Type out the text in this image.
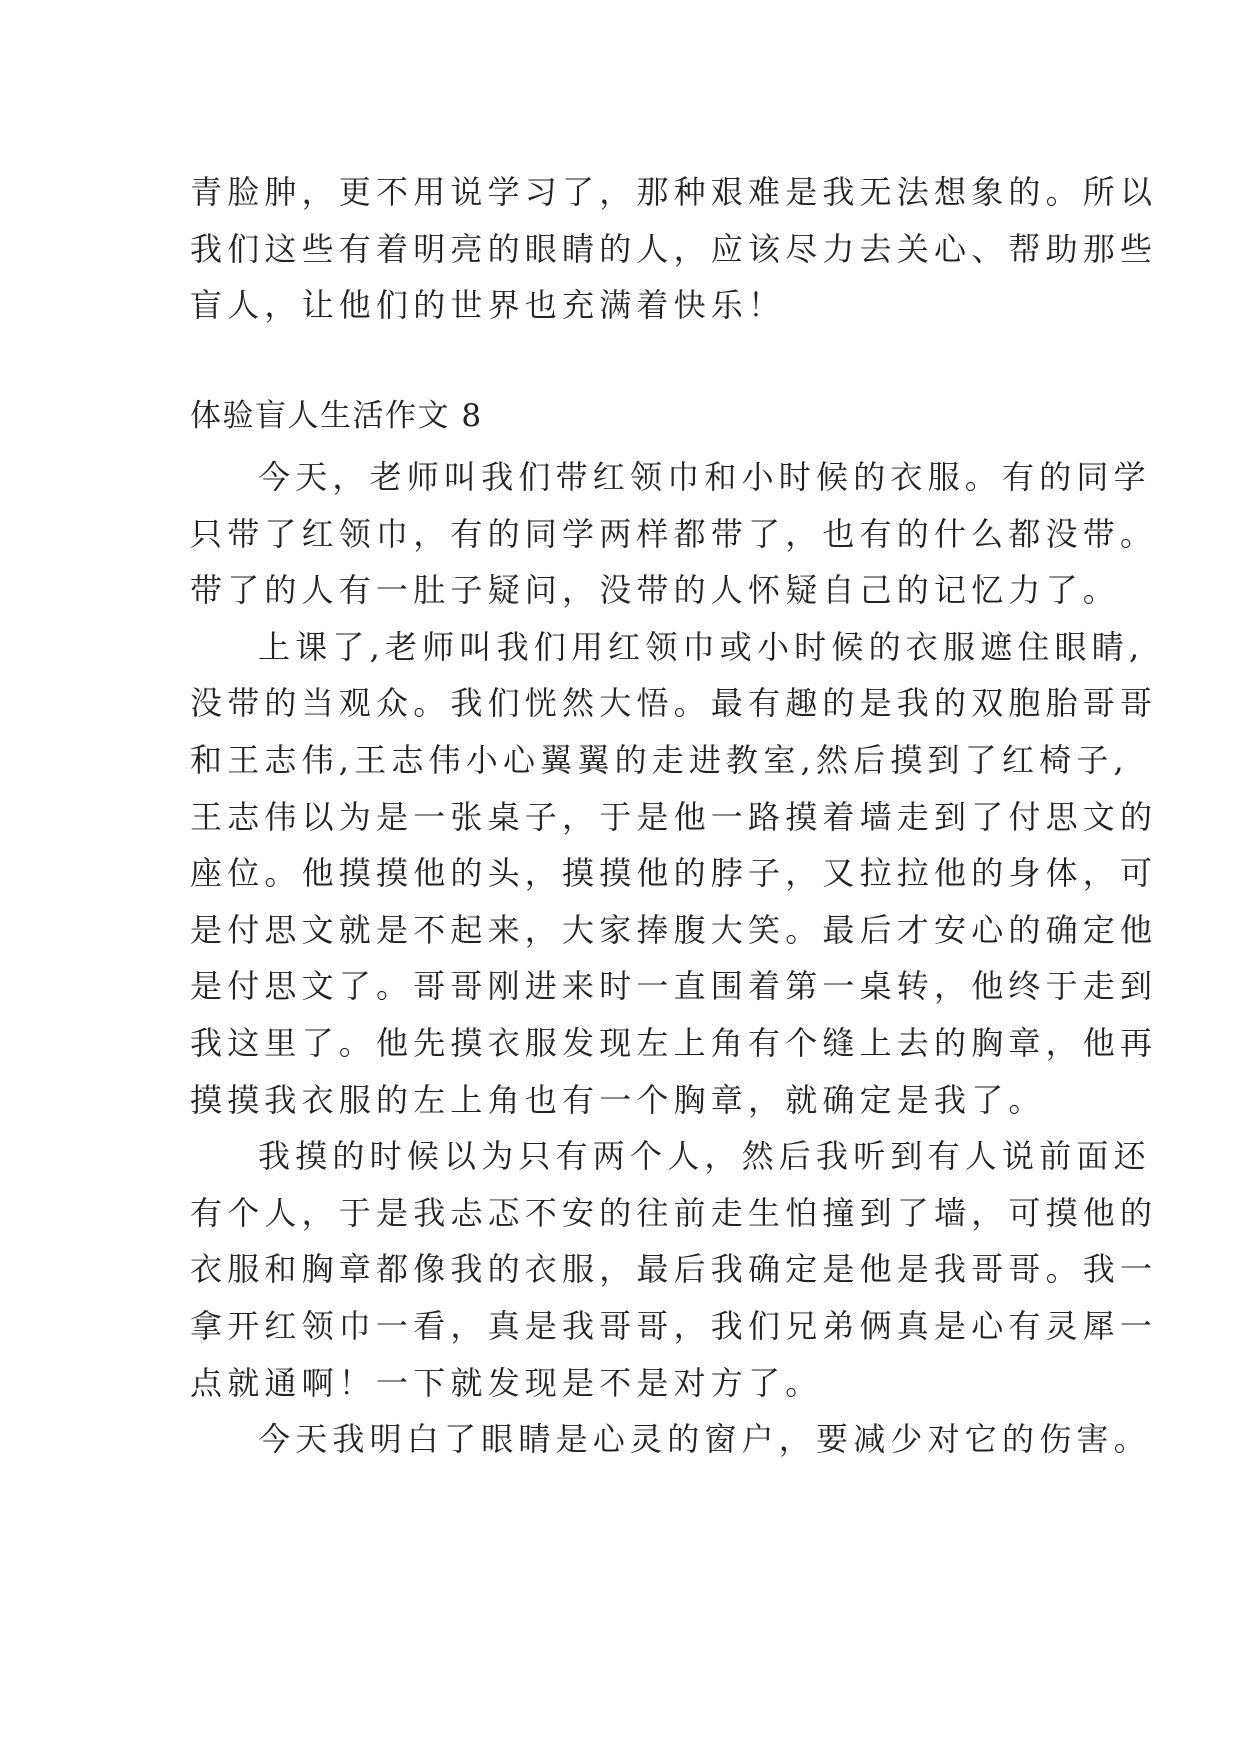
青脸肿，更不用说学习了，那种艰难是我无法想象的。所以
我们这些有着明亮的眼睛的人，应该尽力去关心、帮助那些
盲人，让他们的世界也充满着快乐！
体验盲人生活作文 8
今天，老师叫我们带红领巾和小时候的衣服。有的同学
只带了红领巾，有的同学两样都带了，也有的什么都没带。
带了的人有一肚子疑问，没带的人怀疑自己的记忆力了。
上课了,老师叫我们用红领巾或小时候的衣服遮住眼睛,
没带的当观众。我们恍然大悟。最有趣的是我的双胞胎哥哥
和王志伟,王志伟小心翼翼的走进教室,然后摸到了红椅子,
王志伟以为是一张桌子，于是他一路摸着墙走到了付思文的
座位。他摸摸他的头，摸摸他的脖子，又拉拉他的身体，可
是付思文就是不起来，大家捧腹大笑。最后才安心的确定他
是付思文了。哥哥刚进来时一直围着第一桌转，他终于走到
我这里了。他先摸衣服发现左上角有个缝上去的胸章，他再
摸摸我衣服的左上角也有一个胸章，就确定是我了。
我摸的时候以为只有两个人，然后我听到有人说前面还
有个人，于是我忐忑不安的往前走生怕撞到了墙，可摸他的
衣服和胸章都像我的衣服，最后我确定是他是我哥哥。我一
拿开红领巾一看，真是我哥哥，我们兄弟俩真是心有灵犀一
点就通啊！一下就发现是不是对方了。
今天我明白了眼睛是心灵的窗户，要减少对它的伤害。
